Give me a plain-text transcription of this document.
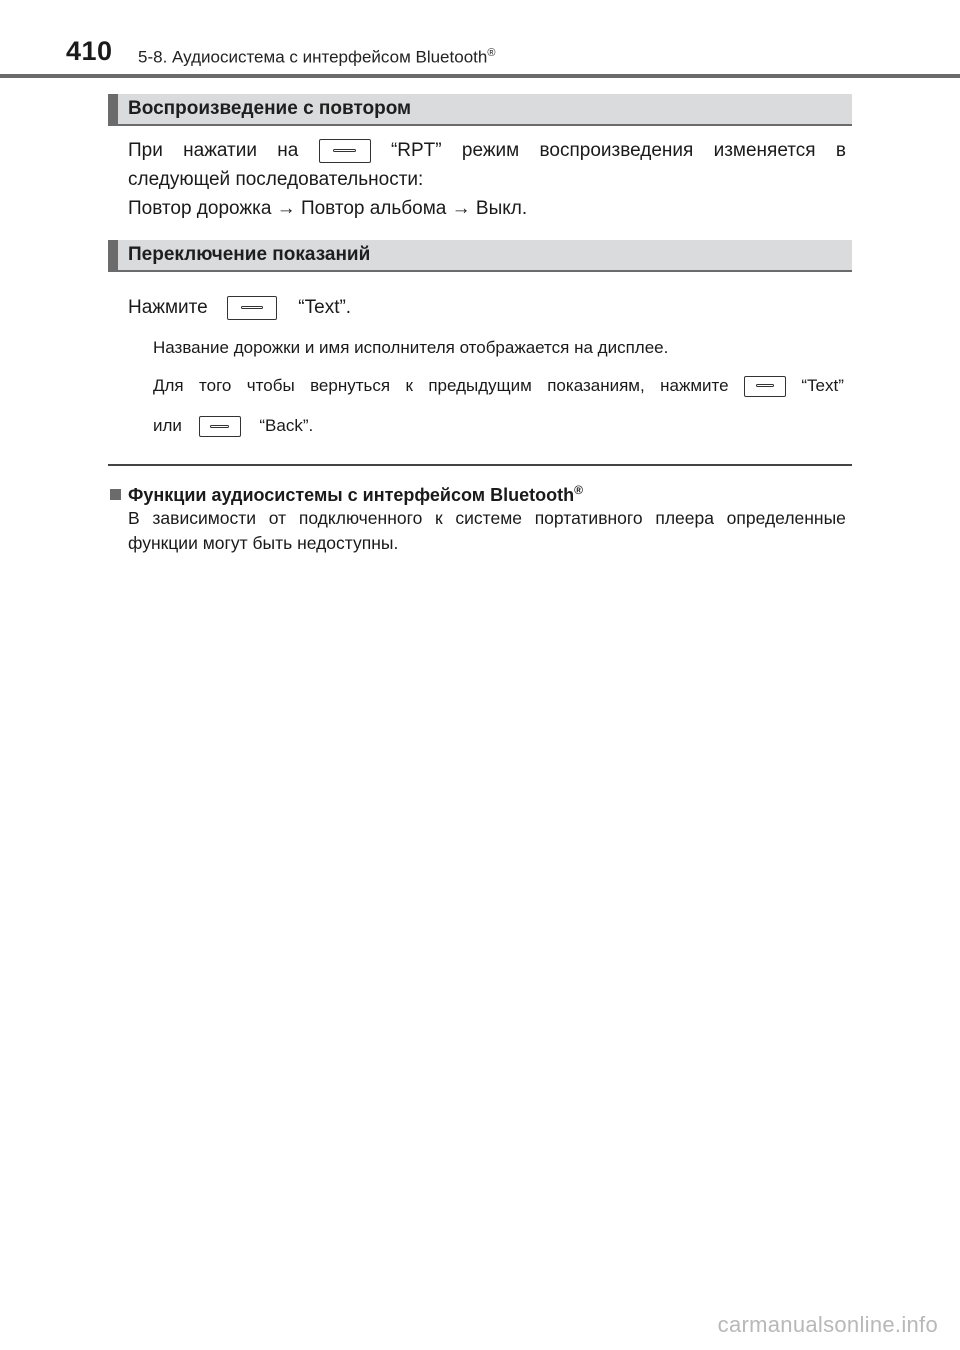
410 5-8. Аудиосистема с интерфейсом Bluetooth®
Воспроизведение с повтором
При нажатии на	“RPT” режим воспроизведения изменяется в
следующей последовательности:
Повтор дорожка → Повтор альбома → Выкл.
Переключение показаний
Нажмите	“Text”.
Название дорожки и имя исполнителя отображается на дисплее.
Для того чтобы вернуться к предыдущим показаниям, нажмите	“Text”
или	“Back”.
Функции аудиосистемы с интерфейсом Bluetooth®
В зависимости от подключенного к системе портативного плеера определенные
функции могут быть недоступны.
carmanualsonline.info
